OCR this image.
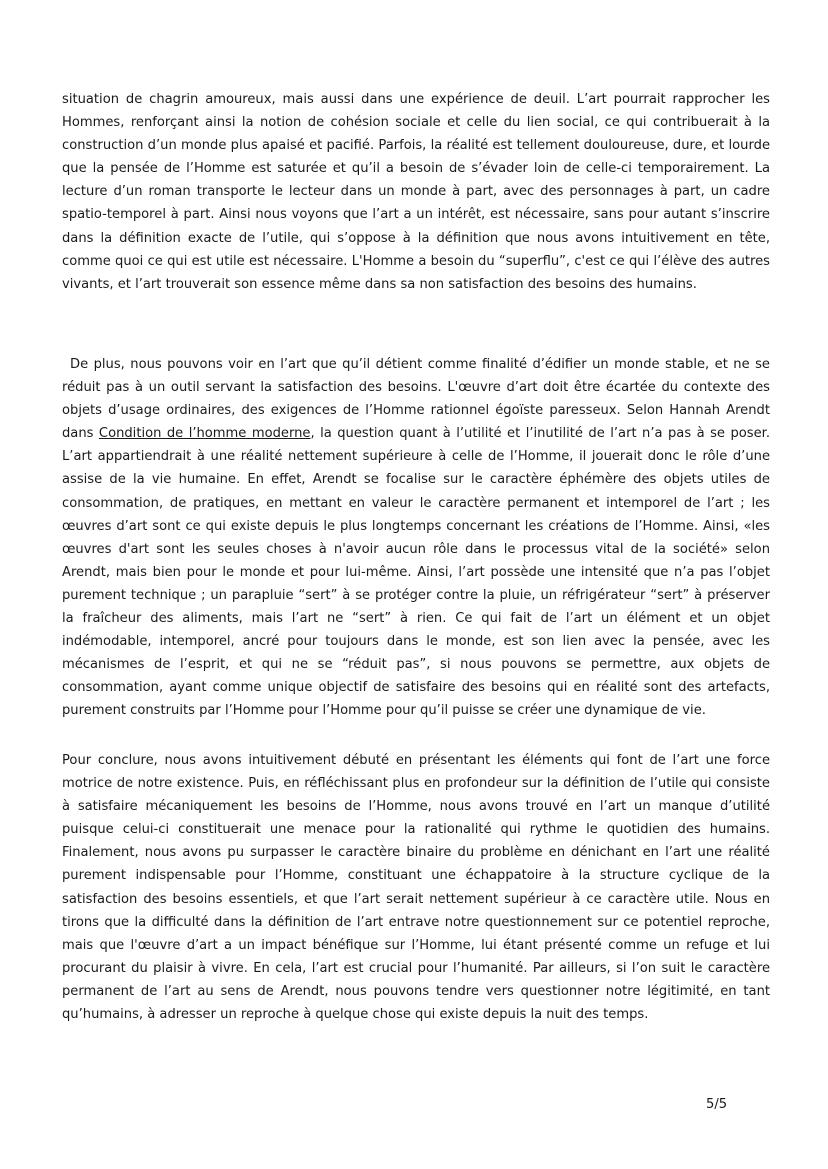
situation de chagrin amoureux, mais aussi dans une expérience de deuil. L’art pourrait rapprocher les Hommes, renforçant ainsi la notion de cohésion sociale et celle du lien social, ce qui contribuerait à la construction d’un monde plus apaisé et pacifié. Parfois, la réalité est tellement douloureuse, dure, et lourde que la pensée de l’Homme est saturée et qu’il a besoin de s’évader loin de celle-ci temporairement. La lecture d’un roman transporte le lecteur dans un monde à part, avec des personnages à part, un cadre spatio-temporel à part. Ainsi nous voyons que l’art a un intérêt, est nécessaire, sans pour autant s’inscrire dans la définition exacte de l’utile, qui s’oppose à la définition que nous avons intuitivement en tête, comme quoi ce qui est utile est nécessaire. L'Homme a besoin du “superflu”, c'est ce qui l’élève des autres vivants, et l’art trouverait son essence même dans sa non satisfaction des besoins des humains.

De plus, nous pouvons voir en l’art que qu’il détient comme finalité d’édifier un monde stable, et ne se réduit pas à un outil servant la satisfaction des besoins. L'œuvre d’art doit être écartée du contexte des objets d’usage ordinaires, des exigences de l’Homme rationnel égoïste paresseux. Selon Hannah Arendt dans Condition de l’homme moderne, la question quant à l’utilité et l’inutilité de l’art n’a pas à se poser. L’art appartiendrait à une réalité nettement supérieure à celle de l’Homme, il jouerait donc le rôle d’une assise de la vie humaine. En effet, Arendt se focalise sur le caractère éphémère des objets utiles de consommation, de pratiques, en mettant en valeur le caractère permanent et intemporel de l’art ; les œuvres d’art sont ce qui existe depuis le plus longtemps concernant les créations de l’Homme. Ainsi, «les œuvres d'art sont les seules choses à n'avoir aucun rôle dans le processus vital de la société» selon Arendt, mais bien pour le monde et pour lui-même. Ainsi, l’art possède une intensité que n’a pas l’objet purement technique ; un parapluie “sert” à se protéger contre la pluie, un réfrigérateur “sert” à préserver la fraîcheur des aliments, mais l’art ne “sert” à rien. Ce qui fait de l’art un élément et un objet indémodable, intemporel, ancré pour toujours dans le monde, est son lien avec la pensée, avec les mécanismes de l’esprit, et qui ne se “réduit pas”, si nous pouvons se permettre, aux objets de consommation, ayant comme unique objectif de satisfaire des besoins qui en réalité sont des artefacts, purement construits par l’Homme pour l’Homme pour qu’il puisse se créer une dynamique de vie.

Pour conclure, nous avons intuitivement débuté en présentant les éléments qui font de l’art une force motrice de notre existence. Puis, en réfléchissant plus en profondeur sur la définition de l’utile qui consiste à satisfaire mécaniquement les besoins de l’Homme, nous avons trouvé en l’art un manque d’utilité puisque celui-ci constituerait une menace pour la rationalité qui rythme le quotidien des humains. Finalement, nous avons pu surpasser le caractère binaire du problème en dénichant en l’art une réalité purement indispensable pour l’Homme, constituant une échappatoire à la structure cyclique de la satisfaction des besoins essentiels, et que l’art serait nettement supérieur à ce caractère utile. Nous en tirons que la difficulté dans la définition de l’art entrave notre questionnement sur ce potentiel reproche, mais que l'œuvre d’art a un impact bénéfique sur l’Homme, lui étant présenté comme un refuge et lui procurant du plaisir à vivre. En cela, l’art est crucial pour l’humanité. Par ailleurs, si l’on suit le caractère permanent de l’art au sens de Arendt, nous pouvons tendre vers questionner notre légitimité, en tant qu’humains, à adresser un reproche à quelque chose qui existe depuis la nuit des temps.

5/5
